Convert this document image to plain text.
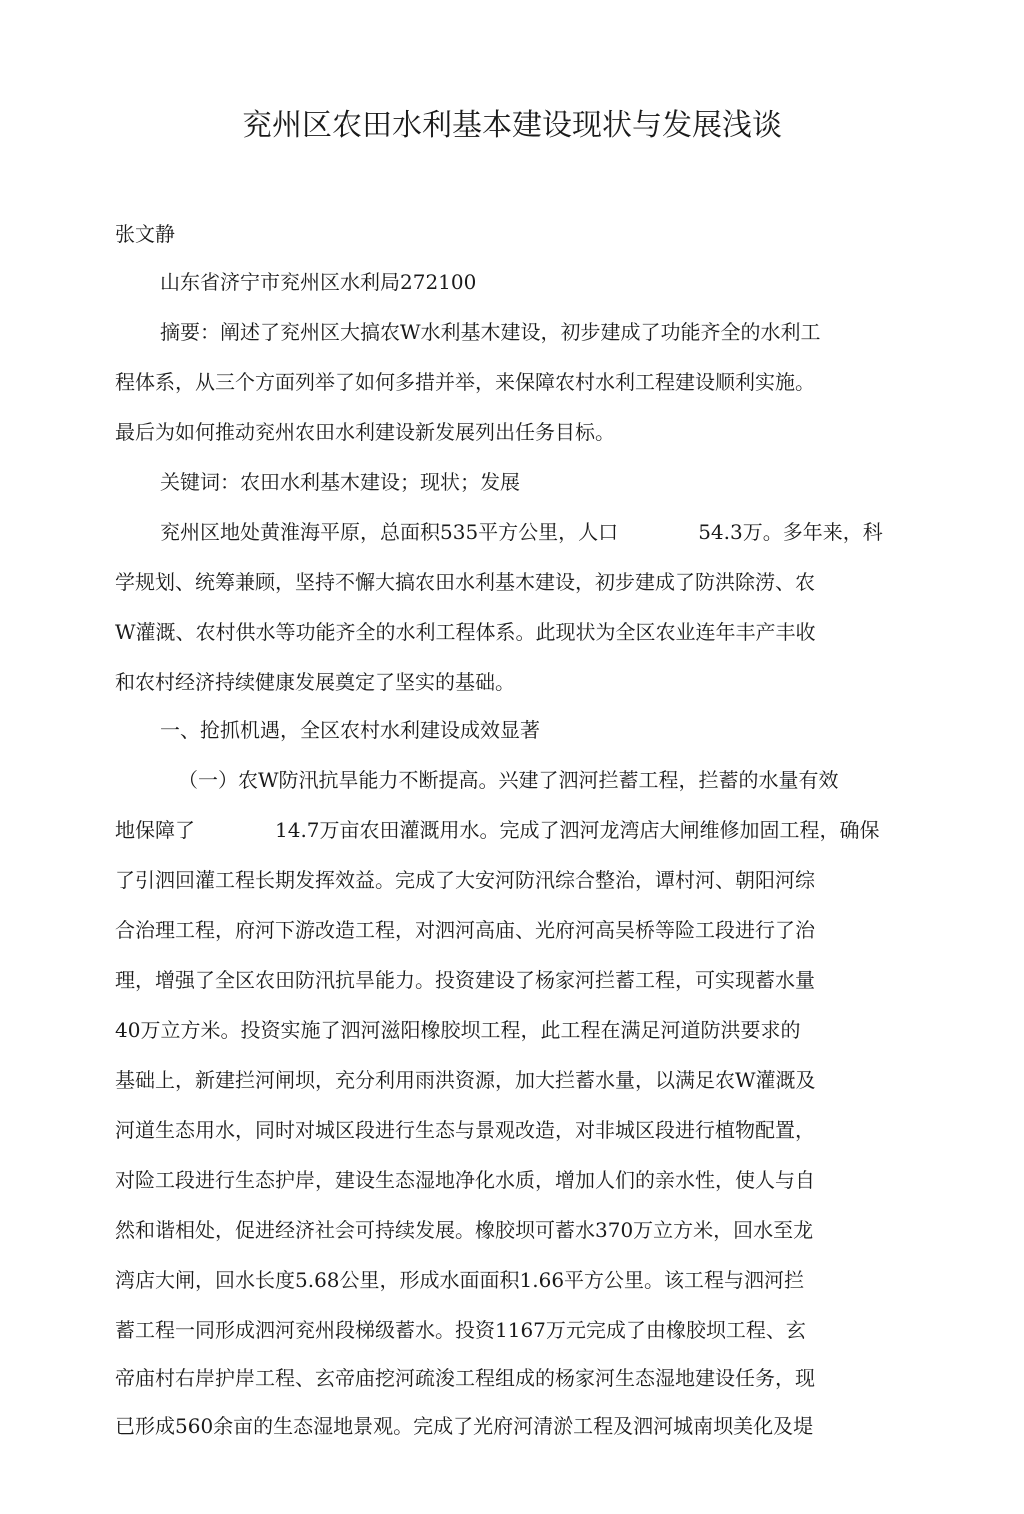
兖州区农田水利基本建设现状与发展浅谈
张文静
山东省济宁市兖州区水利局272100
摘要：阐述了兖州区大搞农W水利基木建设，初步建成了功能齐全的水利工
程体系，从三个方面列举了如何多措并举，来保障农村水利工程建设顺利实施。
最后为如何推动兖州农田水利建设新发展列出任务目标。
关键词：农田水利基木建设；现状；发展
兖州区地处黄淮海平原，总面积535平方公里，人口	54.3万。多年来，科
学规划、统筹兼顾，坚持不懈大搞农田水利基木建设，初步建成了防洪除涝、农
W灌溉、农村供水等功能齐全的水利工程体系。此现状为全区农业连年丰产丰收
和农村经济持续健康发展奠定了坚实的基础。
一、抢抓机遇，全区农村水利建设成效显著
（一）农W防汛抗旱能力不断提高。兴建了泗河拦蓄工程，拦蓄的水量有效
地保障了	14.7万亩农田灌溉用水。完成了泗河龙湾店大闸维修加固工程，确保
了引泗回灌工程长期发挥效益。完成了大安河防汛综合整治，谭村河、朝阳河综
合治理工程，府河下游改造工程，对泗河高庙、光府河高吴桥等险工段进行了治
理，增强了全区农田防汛抗旱能力。投资建设了杨家河拦蓄工程，可实现蓄水量
40万立方米。投资实施了泗河滋阳橡胶坝工程，此工程在满足河道防洪要求的
基础上，新建拦河闸坝，充分利用雨洪资源，加大拦蓄水量，以满足农W灌溉及
河道生态用水，同时对城区段进行生态与景观改造，对非城区段进行植物配置，
对险工段进行生态护岸，建设生态湿地净化水质，增加人们的亲水性，使人与自
然和谐相处，促进经济社会可持续发展。橡胶坝可蓄水370万立方米，回水至龙
湾店大闸，回水长度5.68公里，形成水面面积1.66平方公里。该工程与泗河拦
蓄工程一同形成泗河兖州段梯级蓄水。投资1167万元完成了由橡胶坝工程、玄
帝庙村右岸护岸工程、玄帝庙挖河疏浚工程组成的杨家河生态湿地建设任务，现
已形成560余亩的生态湿地景观。完成了光府河清淤工程及泗河城南坝美化及堤
